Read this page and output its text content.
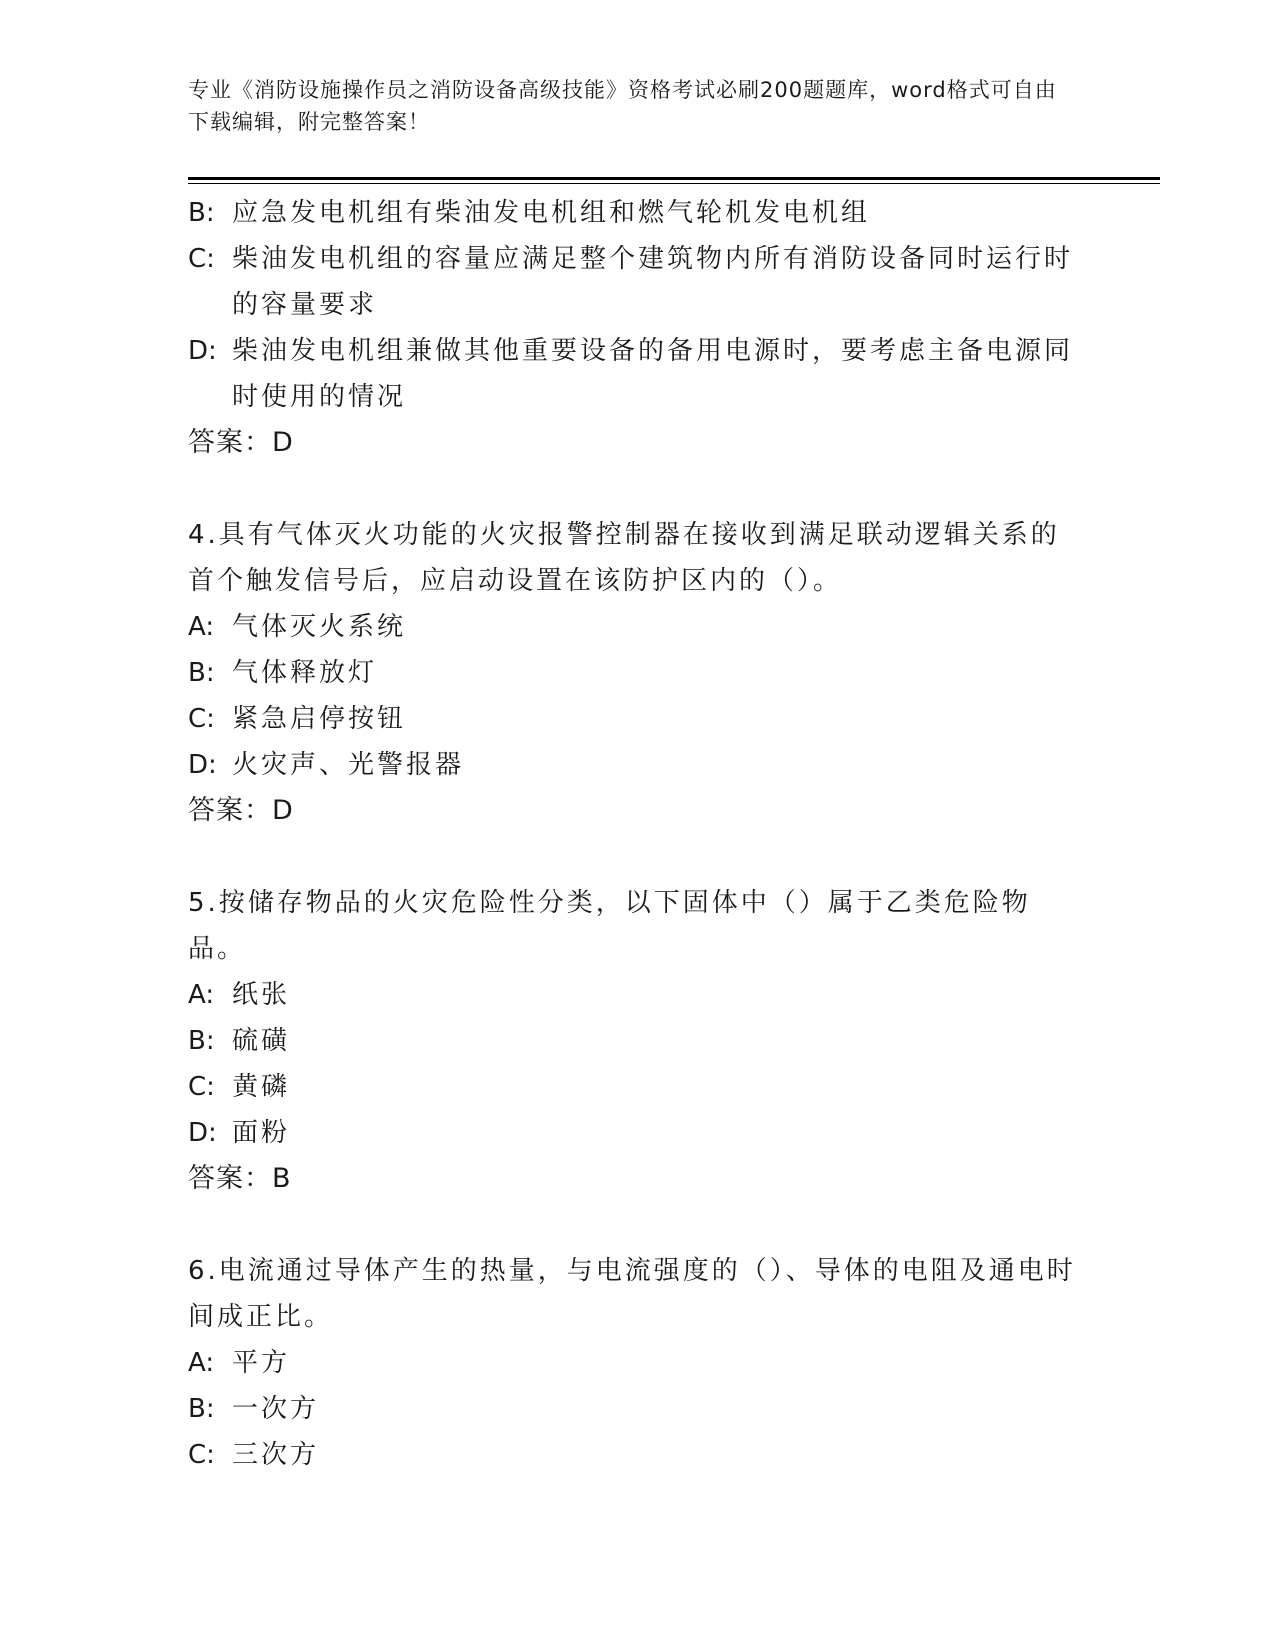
专业《消防设施操作员之消防设备高级技能》资格考试必刷200题题库，word格式可自由下载编辑，附完整答案！
B: 应急发电机组有柴油发电机组和燃气轮机发电机组
C: 柴油发电机组的容量应满足整个建筑物内所有消防设备同时运行时的容量要求
D: 柴油发电机组兼做其他重要设备的备用电源时，要考虑主备电源同时使用的情况
答案：D
4.具有气体灭火功能的火灾报警控制器在接收到满足联动逻辑关系的首个触发信号后，应启动设置在该防护区内的（）。
A: 气体灭火系统
B: 气体释放灯
C: 紧急启停按钮
D: 火灾声、光警报器
答案：D
5.按储存物品的火灾危险性分类，以下固体中（）属于乙类危险物品。
A: 纸张
B: 硫磺
C: 黄磷
D: 面粉
答案：B
6.电流通过导体产生的热量，与电流强度的（）、导体的电阻及通电时间成正比。
A: 平方
B: 一次方
C: 三次方
